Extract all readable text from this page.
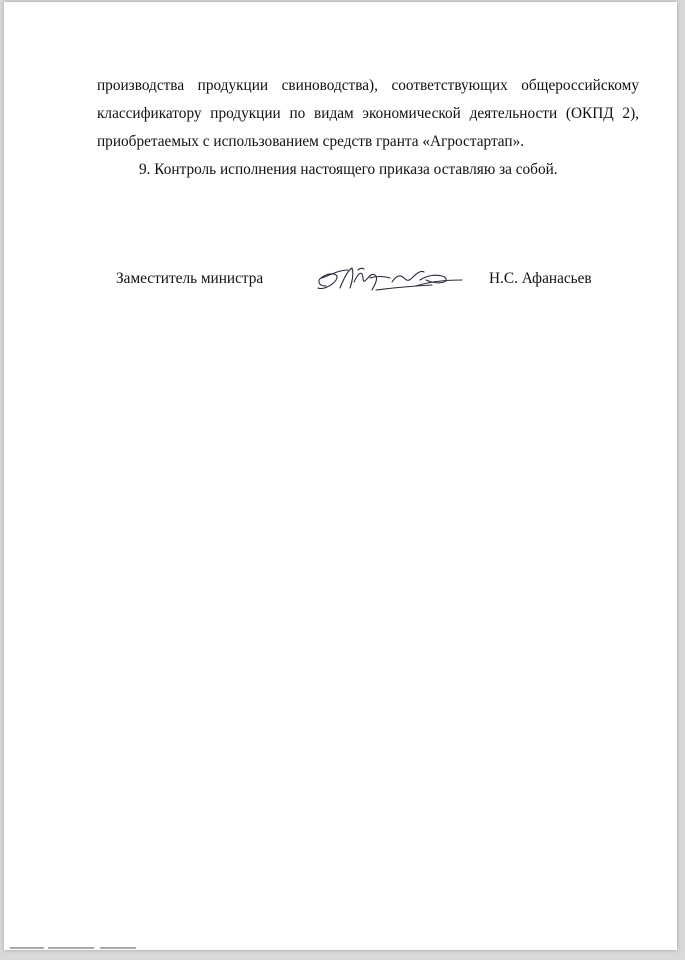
производства продукции свиноводства), соответствующих общероссийскому
классификатору продукции по видам экономической деятельности (ОКПД 2),
приобретаемых с использованием средств гранта «Агростартап».
9. Контроль исполнения настоящего приказа оставляю за собой.
Заместитель министра	Н.С. Афанасьев
